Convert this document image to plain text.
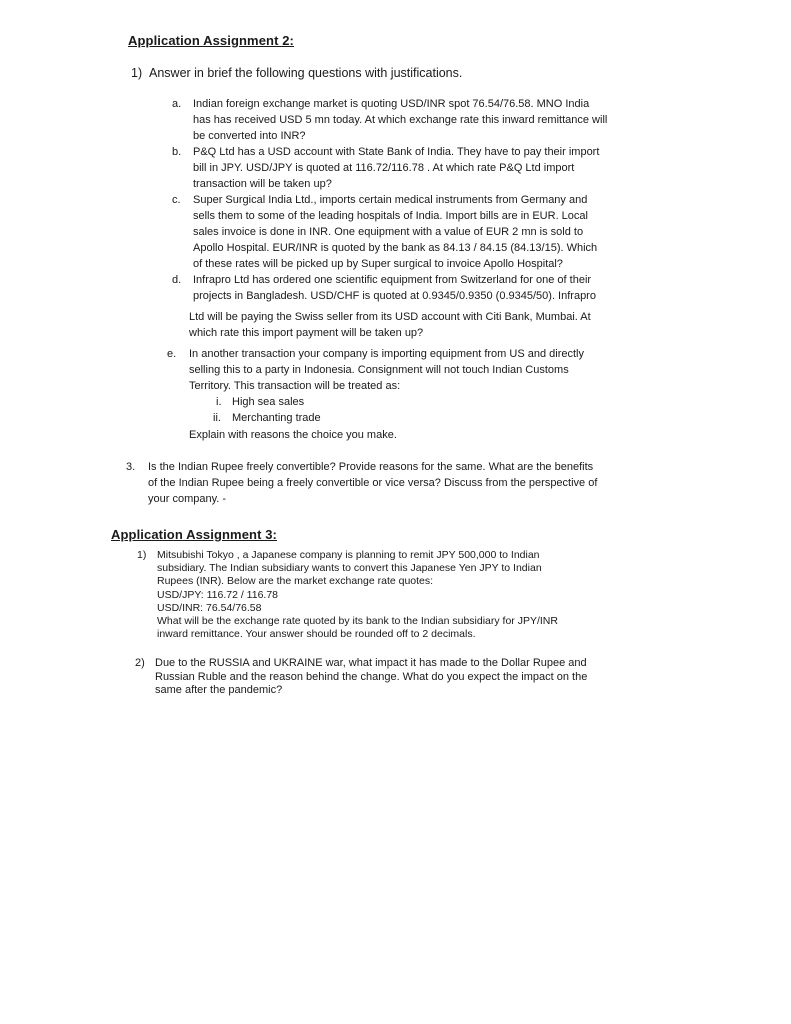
Application Assignment 2:
1) Answer in brief the following questions with justifications.
a. Indian foreign exchange market is quoting USD/INR spot 76.54/76.58. MNO India
has has received USD 5 mn today. At which exchange rate this inward remittance will
be converted into INR?
b. P&Q Ltd has a USD account with State Bank of India. They have to pay their import
bill in JPY. USD/JPY is quoted at 116.72/116.78 . At which rate P&Q Ltd import
transaction will be taken up?
c. Super Surgical India Ltd., imports certain medical instruments from Germany and
sells them to some of the leading hospitals of India. Import bills are in EUR. Local
sales invoice is done in INR. One equipment with a value of EUR 2 mn is sold to
Apollo Hospital. EUR/INR is quoted by the bank as 84.13 / 84.15 (84.13/15). Which
of these rates will be picked up by Super surgical to invoice Apollo Hospital?
d. Infrapro Ltd has ordered one scientific equipment from Switzerland for one of their
projects in Bangladesh. USD/CHF is quoted at 0.9345/0.9350 (0.9345/50). Infrapro
Ltd will be paying the Swiss seller from its USD account with Citi Bank, Mumbai. At
which rate this import payment will be taken up?
e. In another transaction your company is importing equipment from US and directly
selling this to a party in Indonesia. Consignment will not touch Indian Customs
Territory. This transaction will be treated as:
i. High sea sales
ii. Merchanting trade
Explain with reasons the choice you make.
3. Is the Indian Rupee freely convertible? Provide reasons for the same. What are the benefits
of the Indian Rupee being a freely convertible or vice versa? Discuss from the perspective of
your company. -
Application Assignment 3:
1) Mitsubishi Tokyo , a Japanese company is planning to remit JPY 500,000 to Indian
subsidiary. The Indian subsidiary wants to convert this Japanese Yen JPY to Indian
Rupees (INR). Below are the market exchange rate quotes:
USD/JPY: 116.72 / 116.78
USD/INR: 76.54/76.58
What will be the exchange rate quoted by its bank to the Indian subsidiary for JPY/INR
inward remittance. Your answer should be rounded off to 2 decimals.
2) Due to the RUSSIA and UKRAINE war, what impact it has made to the Dollar Rupee and
Russian Ruble and the reason behind the change. What do you expect the impact on the
same after the pandemic?
